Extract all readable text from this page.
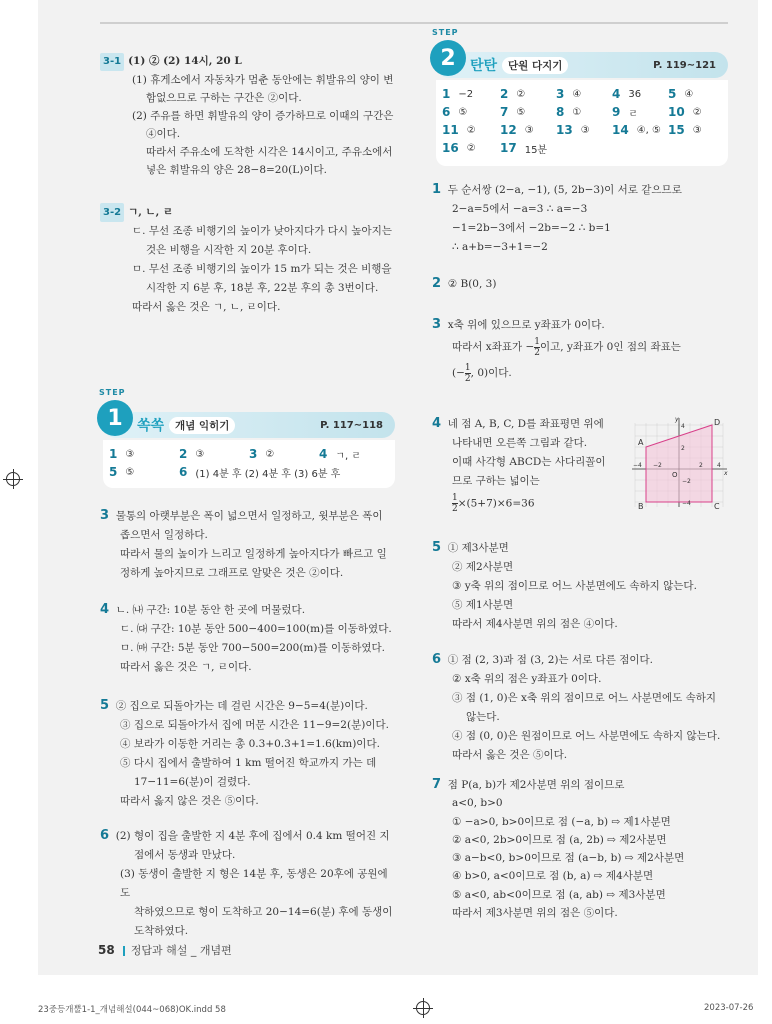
3-1 (1) ② (2) 14시, 20 L
(1) 휴게소에서 자동차가 멈춘 동안에는 휘발유의 양이 변
함없으므로 구하는 구간은 ②이다.
(2) 주유를 하면 휘발유의 양이 증가하므로 이때의 구간은
④이다.
따라서 주유소에 도착한 시각은 14시이고, 주유소에서
넣은 휘발유의 양은 28−8=20(L)이다.
3-2 ㄱ, ㄴ, ㄹ
ㄷ. 무선 조종 비행기의 높이가 낮아지다가 다시 높아지는
것은 비행을 시작한 지 20분 후이다.
ㅁ. 무선 조종 비행기의 높이가 15 m가 되는 것은 비행을
시작한 지 6분 후, 18분 후, 22분 후의 총 3번이다.
따라서 옳은 것은 ㄱ, ㄴ, ㄹ이다.
STEP
1	쏙쏙	개념 익히기	P. 117∼118
1 ③	2 ③	3 ②	4 ㄱ, ㄹ
5 ⑤	6 (1) 4분 후 (2) 4분 후 (3) 6분 후
3 물통의 아랫부분은 폭이 넓으면서 일정하고, 윗부분은 폭이
좁으면서 일정하다.
따라서 물의 높이가 느리고 일정하게 높아지다가 빠르고 일
정하게 높아지므로 그래프로 알맞은 것은 ②이다.
4 ㄴ. ㈏ 구간: 10분 동안 한 곳에 머물렀다.
ㄷ. ㈐ 구간: 10분 동안 500−400=100(m)를 이동하였다.
ㅁ. ㈒ 구간: 5분 동안 700−500=200(m)를 이동하였다.
따라서 옳은 것은 ㄱ, ㄹ이다.
5 ② 집으로 되돌아가는 데 걸린 시간은 9−5=4(분)이다.
③ 집으로 되돌아가서 집에 머문 시간은 11−9=2(분)이다.
④ 보라가 이동한 거리는 총 0.3+0.3+1=1.6(km)이다.
⑤ 다시 집에서 출발하여 1 km 떨어진 학교까지 가는 데
17−11=6(분)이 걸렸다.
따라서 옳지 않은 것은 ⑤이다.
6 (2) 형이 집을 출발한 지 4분 후에 집에서 0.4 km 떨어진 지
점에서 동생과 만났다.
(3) 동생이 출발한 지 형은 14분 후, 동생은 20후에 공원에 도
착하였으므로 형이 도착하고 20−14=6(분) 후에 동생이
도착하였다.
STEP
2	탄탄	단원 다지기	P. 119∼121
1 −2 2 ②	3 ④	4 36 5 ④
6 ⑤	7 ⑤	8 ①	9 ㄹ 10 ②
11 ② 12 ③ 13 ③ 14 ④, ⑤ 15 ③
16 ② 17 15분
1 두 순서쌍 (2−a, −1), (5, 2b−3)이 서로 같으므로
2−a=5에서 −a=3 ∴ a=−3
−1=2b−3에서 −2b=−2 ∴ b=1
∴ a+b=−3+1=−2
2 ② B(0, 3)
3 x축 위에 있으므로 y좌표가 0이다.
따라서 x좌표가 − $\frac{1}{2}$ 이고, y좌표가 0인 점의 좌표는
(− $\frac{1}{2}$ , 0)이다.
4 네 점 A, B, C, D를 좌표평면 위에
나타내면 오른쪽 그림과 같다.
이때 사각형 ABCD는 사다리꼴이
므로 구하는 넓이는
$\frac{1}{2} \times(5+7)\times 6=36$
A
B	C
D
O	x
y
4
2
−4 −2	2 4
−2
−4
5 ① 제3사분면
② 제2사분면
③ y축 위의 점이므로 어느 사분면에도 속하지 않는다.
⑤ 제1사분면
따라서 제4사분면 위의 점은 ④이다.
6 ① 점 (2, 3)과 점 (3, 2)는 서로 다른 점이다.
② x축 위의 점은 y좌표가 0이다.
③ 점 (1, 0)은 x축 위의 점이므로 어느 사분면에도 속하지
않는다.
④ 점 (0, 0)은 원점이므로 어느 사분면에도 속하지 않는다.
따라서 옳은 것은 ⑤이다.
7 점 P(a, b)가 제2사분면 위의 점이므로
a<0, b>0
① −a>0, b>0이므로 점 (−a, b) ⇨ 제1사분면
② a<0, 2b>0이므로 점 (a, 2b) ⇨ 제2사분면
③ a−b<0, b>0이므로 점 (a−b, b) ⇨ 제2사분면
④ b>0, a<0이므로 점 (b, a) ⇨ 제4사분면
⑤ a<0, ab<0이므로 점 (a, ab) ⇨ 제3사분면
따라서 제3사분면 위의 점은 ⑤이다.
58 정답과 해설 _ 개념편
23중등개뿔1-1_개념해설(044~068)OK.indd 58	2023-07-26
